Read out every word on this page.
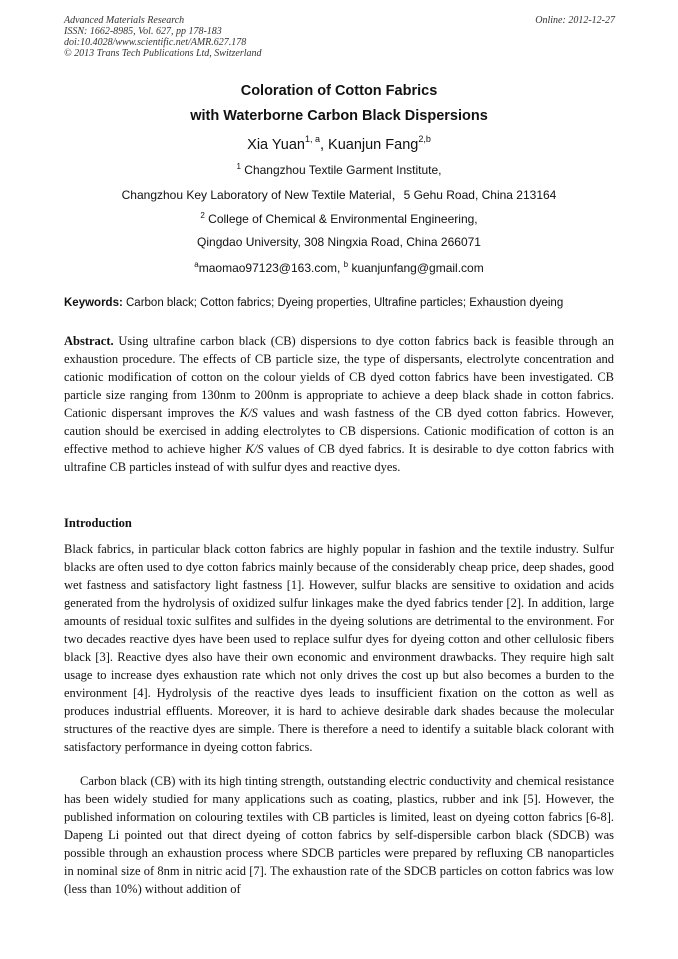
Advanced Materials Research
ISSN: 1662-8985, Vol. 627, pp 178-183
doi:10.4028/www.scientific.net/AMR.627.178
© 2013 Trans Tech Publications Ltd, Switzerland
Online: 2012-12-27
Coloration of Cotton Fabrics
with Waterborne Carbon Black Dispersions
Xia Yuan$^{1, a}$, Kuanjun Fang$^{2,b}$
$^1$ Changzhou Textile Garment Institute,
Changzhou Key Laboratory of New Textile Material，5 Gehu Road, China 213164
$^2$ College of Chemical & Environmental Engineering,
Qingdao University, 308 Ningxia Road, China 266071
$^a$maomao97123@163.com, $^b$ kuanjunfang@gmail.com
Keywords: Carbon black; Cotton fabrics; Dyeing properties, Ultrafine particles; Exhaustion dyeing
Abstract. Using ultrafine carbon black (CB) dispersions to dye cotton fabrics back is feasible through an exhaustion procedure. The effects of CB particle size, the type of dispersants, electrolyte concentration and cationic modification of cotton on the colour yields of CB dyed cotton fabrics have been investigated. CB particle size ranging from 130nm to 200nm is appropriate to achieve a deep black shade in cotton fabrics. Cationic dispersant improves the K/S values and wash fastness of the CB dyed cotton fabrics. However, caution should be exercised in adding electrolytes to CB dispersions. Cationic modification of cotton is an effective method to achieve higher K/S values of CB dyed fabrics. It is desirable to dye cotton fabrics with ultrafine CB particles instead of with sulfur dyes and reactive dyes.
Introduction
Black fabrics, in particular black cotton fabrics are highly popular in fashion and the textile industry. Sulfur blacks are often used to dye cotton fabrics mainly because of the considerably cheap price, deep shades, good wet fastness and satisfactory light fastness [1]. However, sulfur blacks are sensitive to oxidation and acids generated from the hydrolysis of oxidized sulfur linkages make the dyed fabrics tender [2]. In addition, large amounts of residual toxic sulfites and sulfides in the dyeing solutions are detrimental to the environment. For two decades reactive dyes have been used to replace sulfur dyes for dyeing cotton and other cellulosic fibers black [3]. Reactive dyes also have their own economic and environment drawbacks. They require high salt usage to increase dyes exhaustion rate which not only drives the cost up but also becomes a burden to the environment [4]. Hydrolysis of the reactive dyes leads to insufficient fixation on the cotton as well as produces industrial effluents. Moreover, it is hard to achieve desirable dark shades because the molecular structures of the reactive dyes are simple. There is therefore a need to identify a suitable black colorant with satisfactory performance in dyeing cotton fabrics.
Carbon black (CB) with its high tinting strength, outstanding electric conductivity and chemical resistance has been widely studied for many applications such as coating, plastics, rubber and ink [5]. However, the published information on colouring textiles with CB particles is limited, least on dyeing cotton fabrics [6-8]. Dapeng Li pointed out that direct dyeing of cotton fabrics by self-dispersible carbon black (SDCB) was possible through an exhaustion process where SDCB particles were prepared by refluxing CB nanoparticles in nominal size of 8nm in nitric acid [7]. The exhaustion rate of the SDCB particles on cotton fabrics was low (less than 10%) without addition of
